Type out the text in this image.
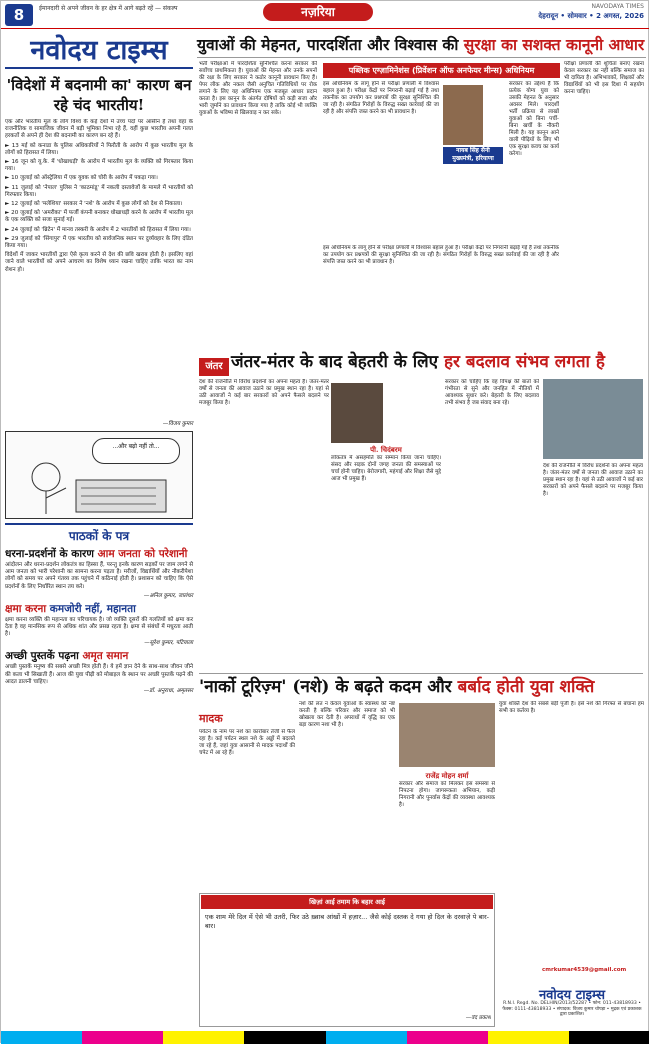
8	ईमानदारी से अपने जीवन के हर क्षेत्र में आगे बढ़ते रहें — संकल्प	नज़रिया	NAVODAYA TIMES
देहरादून • सोमवार • 2 अगस्त, 2026
नवोदय टाइम्स
'विदेशों में बदनामी का' कारण बन रहे चंद भारतीय!

एक और भारतीय मूल के लोग विश्व के कई देशों में उच्च पदों पर आसीन हैं तथा वहां के राजनीतिक व सामाजिक जीवन में बड़ी भूमिका निभा रहे हैं, वहीं कुछ भारतीय अपनी गलत हरकतों से अपने ही देश की बदनामी का कारण बन रहे हैं।

► 13 मई को कनाडा के पुलिस अधिकारियों ने फिरौती के आरोप में कुछ भारतीय मूल के लोगों को हिरासत में लिया।

► 16 जून को यू.के. में 'धोखाधड़ी' के आरोप में भारतीय मूल के व्यक्ति को गिरफ्तार किया गया।

► 10 जुलाई को ऑस्ट्रेलिया में एक युवक को चोरी के आरोप में पकड़ा गया।

► 11 जुलाई को 'नेपाल' पुलिस ने 'काठमांडू' में नकली दस्तावेजों के मामले में भारतीयों को गिरफ्तार किया।

► 12 जुलाई को 'मलेशिया' सरकार ने 'नशे' के आरोप में कुछ लोगों को देश से निकाला।

► 20 जुलाई को 'अमरीका' में फर्जी कंपनी बनाकर धोखाधड़ी करने के आरोप में भारतीय मूल के एक व्यक्ति को सजा सुनाई गई।

► 24 जुलाई को 'ब्रिटेन' में मानव तस्करी के आरोप में 2 भारतीयों को हिरासत में लिया गया।

► 29 जुलाई को 'सिंगापुर' में एक भारतीय को सार्वजनिक स्थान पर दुर्व्यवहार के लिए दंडित किया गया।

विदेशों में जाकर भारतीयों द्वारा ऐसे कृत्य करने से देश की छवि खराब होती है। इसलिए वहां जाने वाले भारतीयों को अपने आचरण का विशेष ध्यान रखना चाहिए ताकि भारत का नाम रोशन हो।

—विजय कुमार
...और बढ़ो नहीं तो...
पाठकों के पत्र
धरना-प्रदर्शनों के कारण आम जनता को परेशानी
आंदोलन और धरना-प्रदर्शन लोकतंत्र का हिस्सा हैं, परन्तु इनके कारण सड़कों पर जाम लगने से आम जनता को भारी परेशानी का सामना करना पड़ता है। मरीजों, विद्यार्थियों और नौकरीपेशा लोगों को समय पर अपने गंतव्य तक पहुंचने में कठिनाई होती है। प्रशासन को चाहिए कि ऐसे प्रदर्शनों के लिए निर्धारित स्थान तय करे।
—अनिल कुमार, जालंधर
क्षमा करना कमजोरी नहीं, महानता
क्षमा करना व्यक्ति की महानता का परिचायक है। जो व्यक्ति दूसरों की गलतियों को क्षमा कर देता है वह मानसिक रूप से अधिक शांत और प्रसन्न रहता है। क्षमा से संबंधों में मधुरता आती है।
—सुरेश कुमार, पटियाला
अच्छी पुस्तकें पढ़ना अमृत समान
अच्छी पुस्तकें मनुष्य की सबसे अच्छी मित्र होती हैं। ये हमें ज्ञान देने के साथ-साथ जीवन जीने की कला भी सिखाती हैं। आज की युवा पीढ़ी को मोबाइल के स्थान पर अच्छी पुस्तकें पढ़ने की आदत डालनी चाहिए।
—डॉ. अनुराधा, अमृतसर
युवाओं की मेहनत, पारदर्शिता और विश्वास की सुरक्षा का सशक्त कानूनी आधार
भर्ती परीक्षाओं में पारदर्शिता सुनिश्चित करना सरकार की सर्वोच्च प्राथमिकता है। युवाओं की मेहनत और उनके सपनों की रक्षा के लिए सरकार ने कठोर कानूनी प्रावधान किए हैं। पेपर लीक और नकल जैसी अनुचित गतिविधियों पर रोक लगाने के लिए यह अधिनियम एक मजबूत आधार प्रदान करता है। इस कानून के अंतर्गत दोषियों को कड़ी सजा और भारी जुर्माने का प्रावधान किया गया है ताकि कोई भी व्यक्ति युवाओं के भविष्य से खिलवाड़ न कर सके।
पब्लिक एग्ज़ामिनेशंस (प्रिवेंशन ऑफ अनफेयर मीन्स) अधिनियम
इस अधिनियम के लागू होने से परीक्षा प्रणाली में विश्वास बहाल हुआ है। परीक्षा केंद्रों पर निगरानी बढ़ाई गई है तथा तकनीक का उपयोग कर प्रश्नपत्रों की सुरक्षा सुनिश्चित की जा रही है। संगठित गिरोहों के विरुद्ध सख्त कार्रवाई की जा रही है और संपत्ति जब्त करने का भी प्रावधान है।
नायब सिंह सैनी
मुख्यमंत्री, हरियाणा
सरकार का उद्देश्य है कि प्रत्येक योग्य युवा को उसकी मेहनत के अनुसार अवसर मिले। पारदर्शी भर्ती प्रक्रिया से लाखों युवाओं को बिना पर्ची-बिना खर्ची के नौकरी मिली है। यह कानून आने वाली पीढ़ियों के लिए भी एक सुरक्षा कवच का कार्य करेगा।
इस अधिनियम के लागू होने से परीक्षा प्रणाली में विश्वास बहाल हुआ है। परीक्षा केंद्रों पर निगरानी बढ़ाई गई है तथा तकनीक का उपयोग कर प्रश्नपत्रों की सुरक्षा सुनिश्चित की जा रही है। संगठित गिरोहों के विरुद्ध सख्त कार्रवाई की जा रही है और संपत्ति जब्त करने का भी प्रावधान है।
परीक्षा प्रणाली की शुचिता बनाए रखना केवल सरकार का नहीं बल्कि समाज का भी दायित्व है। अभिभावकों, शिक्षकों और विद्यार्थियों को भी इस दिशा में सहयोग करना चाहिए।
जंतर जंतर-मंतर के बाद बेहतरी के लिए हर बदलाव संभव लगता है
देश की राजनीति में विरोध प्रदर्शनों का अपना महत्व है। जंतर-मंतर वर्षों से जनता की आवाज उठाने का प्रमुख स्थान रहा है। यहां से उठी आवाजों ने कई बार सरकारों को अपने फैसले बदलने पर मजबूर किया है।
पी. चिदंबरम
लोकतंत्र में असहमति का सम्मान किया जाना चाहिए। संसद और सड़क दोनों जगह जनता की समस्याओं पर चर्चा होनी चाहिए। बेरोजगारी, महंगाई और शिक्षा जैसे मुद्दे आज भी प्रमुख हैं।
सरकार को चाहिए कि वह विपक्ष की बातों को गंभीरता से सुने और जनहित में नीतियों में आवश्यक सुधार करे। बेहतरी के लिए बदलाव तभी संभव है जब संवाद बना रहे।
देश की राजनीति में विरोध प्रदर्शनों का अपना महत्व है। जंतर-मंतर वर्षों से जनता की आवाज उठाने का प्रमुख स्थान रहा है। यहां से उठी आवाजों ने कई बार सरकारों को अपने फैसले बदलने पर मजबूर किया है।
'नार्को टूरिज़्म' (नशे) के बढ़ते कदम और बर्बाद होती युवा शक्ति
मादक
पर्यटन के नाम पर नशे का कारोबार तेजी से फैल रहा है। कई पर्यटन स्थल नशे के अड्डों में बदलते जा रहे हैं, जहां युवा आसानी से मादक पदार्थों की चपेट में आ रहे हैं।
नशे की लत न केवल युवाओं के स्वास्थ्य को नष्ट करती है बल्कि परिवार और समाज को भी खोखला कर देती है। अपराधों में वृद्धि का एक बड़ा कारण नशा भी है।
राजेंद्र मोहन शर्मा
सरकार और समाज को मिलकर इस समस्या से निपटना होगा। जागरूकता अभियान, कड़ी निगरानी और पुनर्वास केंद्रों की व्यवस्था आवश्यक है।
युवा शक्ति देश की सबसे बड़ी पूंजी है। इसे नशे की गिरफ्त से बचाना हम सभी का कर्तव्य है।
खिज़ां आई तमाम कि बहार आई
एक शाम मेरे दिल में ऐसे भी उतरी, फिर उठे ख़्वाब आंखों में हज़ार... जैसे कोई दस्तक दे गया हो दिल के दरवाज़े पे बार-बार।
—वेद प्रकाश
cmrkumar4539@gmail.com
नवोदय टाइम्स
R.N.I. Regd. No. DELHIN/2013/52287 • फोन: 011-43818933 • फैक्स: 0111-43818933 • संपादक: विजय कुमार चोपड़ा • मुद्रक एवं प्रकाशक द्वारा प्रकाशित।
